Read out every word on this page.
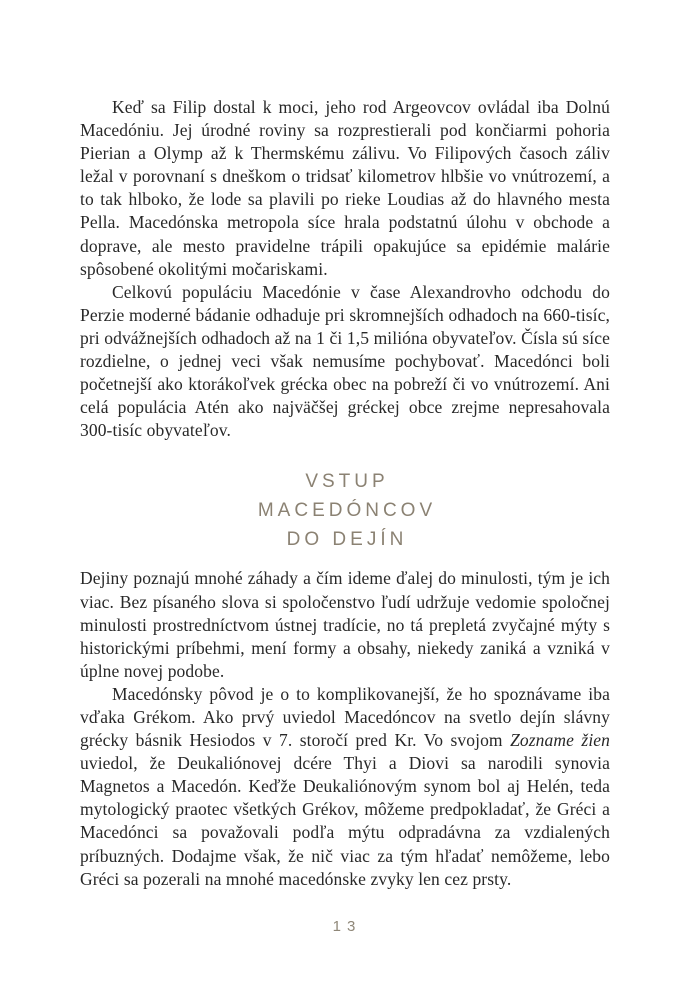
Keď sa Filip dostal k moci, jeho rod Argeovcov ovládal iba Dolnú Macedóniu. Jej úrodné roviny sa rozprestierali pod končiarmi pohoria Pierian a Olymp až k Thermskému zálivu. Vo Filipových časoch záliv ležal v porovnaní s dneškom o tridsať kilometrov hlbšie vo vnútrozemí, a to tak hlboko, že lode sa plavili po rieke Loudias až do hlavného mesta Pella. Macedónska metropola síce hrala podstatnú úlohu v obchode a doprave, ale mesto pravidelne trápili opakujúce sa epidémie malárie spôsobené okolitými močariskami.

Celkovú populáciu Macedónie v čase Alexandrovho odchodu do Perzie moderné bádanie odhaduje pri skromnejších odhadoch na 660-tisíc, pri odvážnejších odhadoch až na 1 či 1,5 milióna obyvateľov. Čísla sú síce rozdielne, o jednej veci však nemusíme pochybovať. Macedónci boli početnejší ako ktorákoľvek grécka obec na pobreží či vo vnútrozemí. Ani celá populácia Atén ako najväčšej gréckej obce zrejme nepresahovala 300-tisíc obyvateľov.

VSTUP
MACEDÓNCOV
DO DEJÍN

Dejiny poznajú mnohé záhady a čím ideme ďalej do minulosti, tým je ich viac. Bez písaného slova si spoločenstvo ľudí udržuje vedomie spoločnej minulosti prostredníctvom ústnej tradície, no tá prepletá zvyčajné mýty s historickými príbehmi, mení formy a obsahy, niekedy zaniká a vzniká v úplne novej podobe.

Macedónsky pôvod je o to komplikovanejší, že ho spoznávame iba vďaka Grékom. Ako prvý uviedol Macedóncov na svetlo dejín slávny grécky básnik Hesiodos v 7. storočí pred Kr. Vo svojom Zozname žien uviedol, že Deukaliónovej dcére Thyi a Diovi sa narodili synovia Magnetos a Macedón. Keďže Deukaliónovým synom bol aj Helén, teda mytologický praotec všetkých Grékov, môžeme predpokladať, že Gréci a Macedónci sa považovali podľa mýtu odpradávna za vzdialených príbuzných. Dodajme však, že nič viac za tým hľadať nemôžeme, lebo Gréci sa pozerali na mnohé macedónske zvyky len cez prsty.

13
